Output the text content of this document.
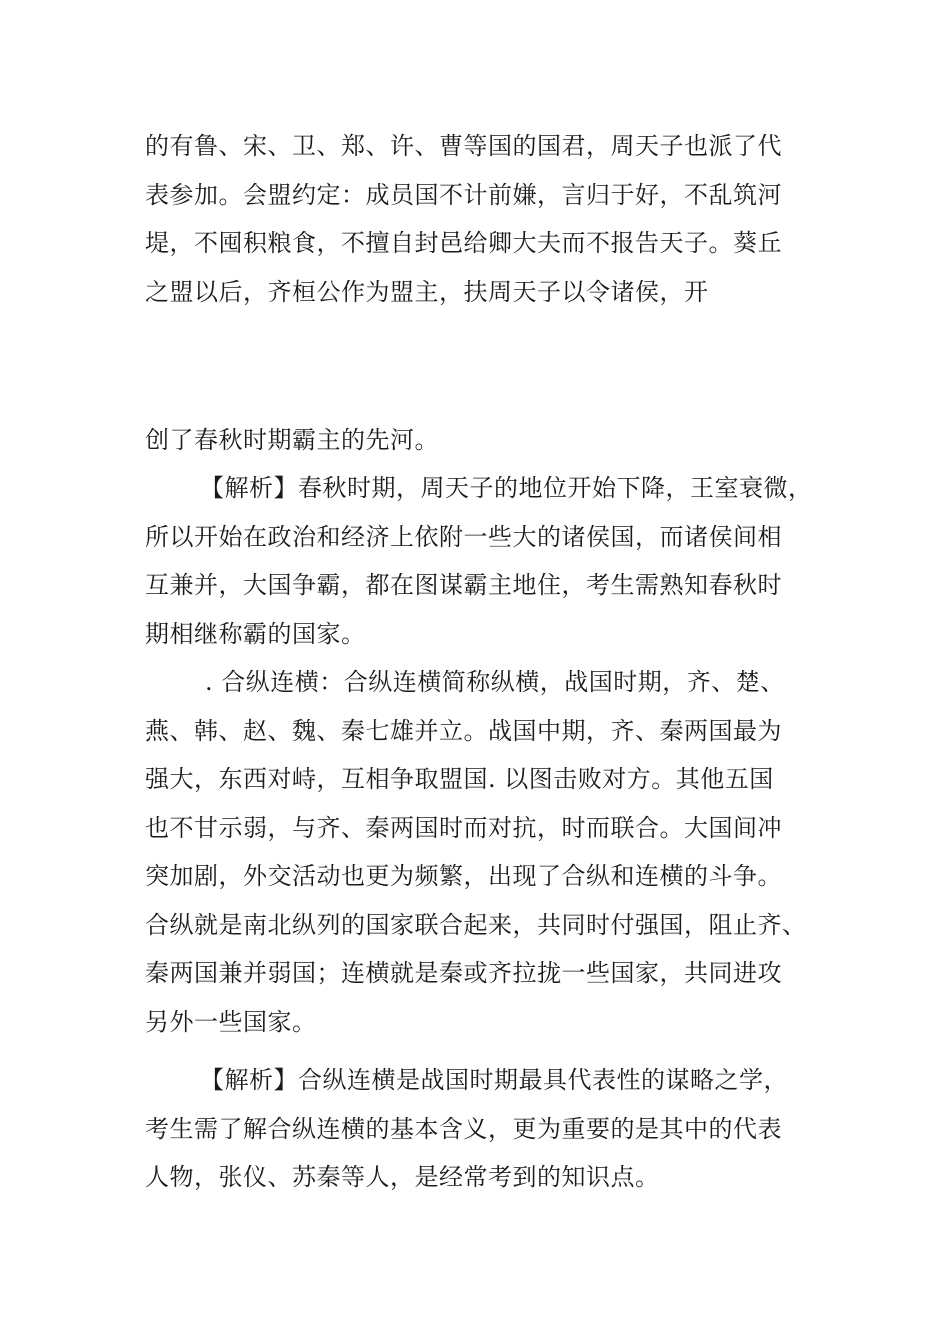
的有鲁、宋、卫、郑、许、曹等国的国君，周天子也派了代
表参加。会盟约定：成员国不计前嫌，言归于好，不乱筑河
堤，不囤积粮食，不擅自封邑给卿大夫而不报告天子。葵丘
之盟以后，齐桓公作为盟主，扶周天子以令诸侯，开
创了春秋时期霸主的先河。
【解析】春秋时期，周天子的地位开始下降，王室衰微，
所以开始在政治和经济上依附一些大的诸侯国，而诸侯间相
互兼并，大国争霸，都在图谋霸主地住，考生需熟知春秋时
期相继称霸的国家。
. 合纵连横：合纵连横简称纵横，战国时期，齐、楚、
燕、韩、赵、魏、秦七雄并立。战国中期，齐、秦两国最为
强大，东西对峙，互相争取盟国. 以图击败对方。其他五国
也不甘示弱，与齐、秦两国时而对抗，时而联合。大国间冲
突加剧，外交活动也更为频繁，出现了合纵和连横的斗争。
合纵就是南北纵列的国家联合起来，共同时付强国，阻止齐、
秦两国兼并弱国；连横就是秦或齐拉拢一些国家，共同进攻
另外一些国家。
【解析】合纵连横是战国时期最具代表性的谋略之学，
考生需了解合纵连横的基本含义，更为重要的是其中的代表
人物，张仪、苏秦等人，是经常考到的知识点。
